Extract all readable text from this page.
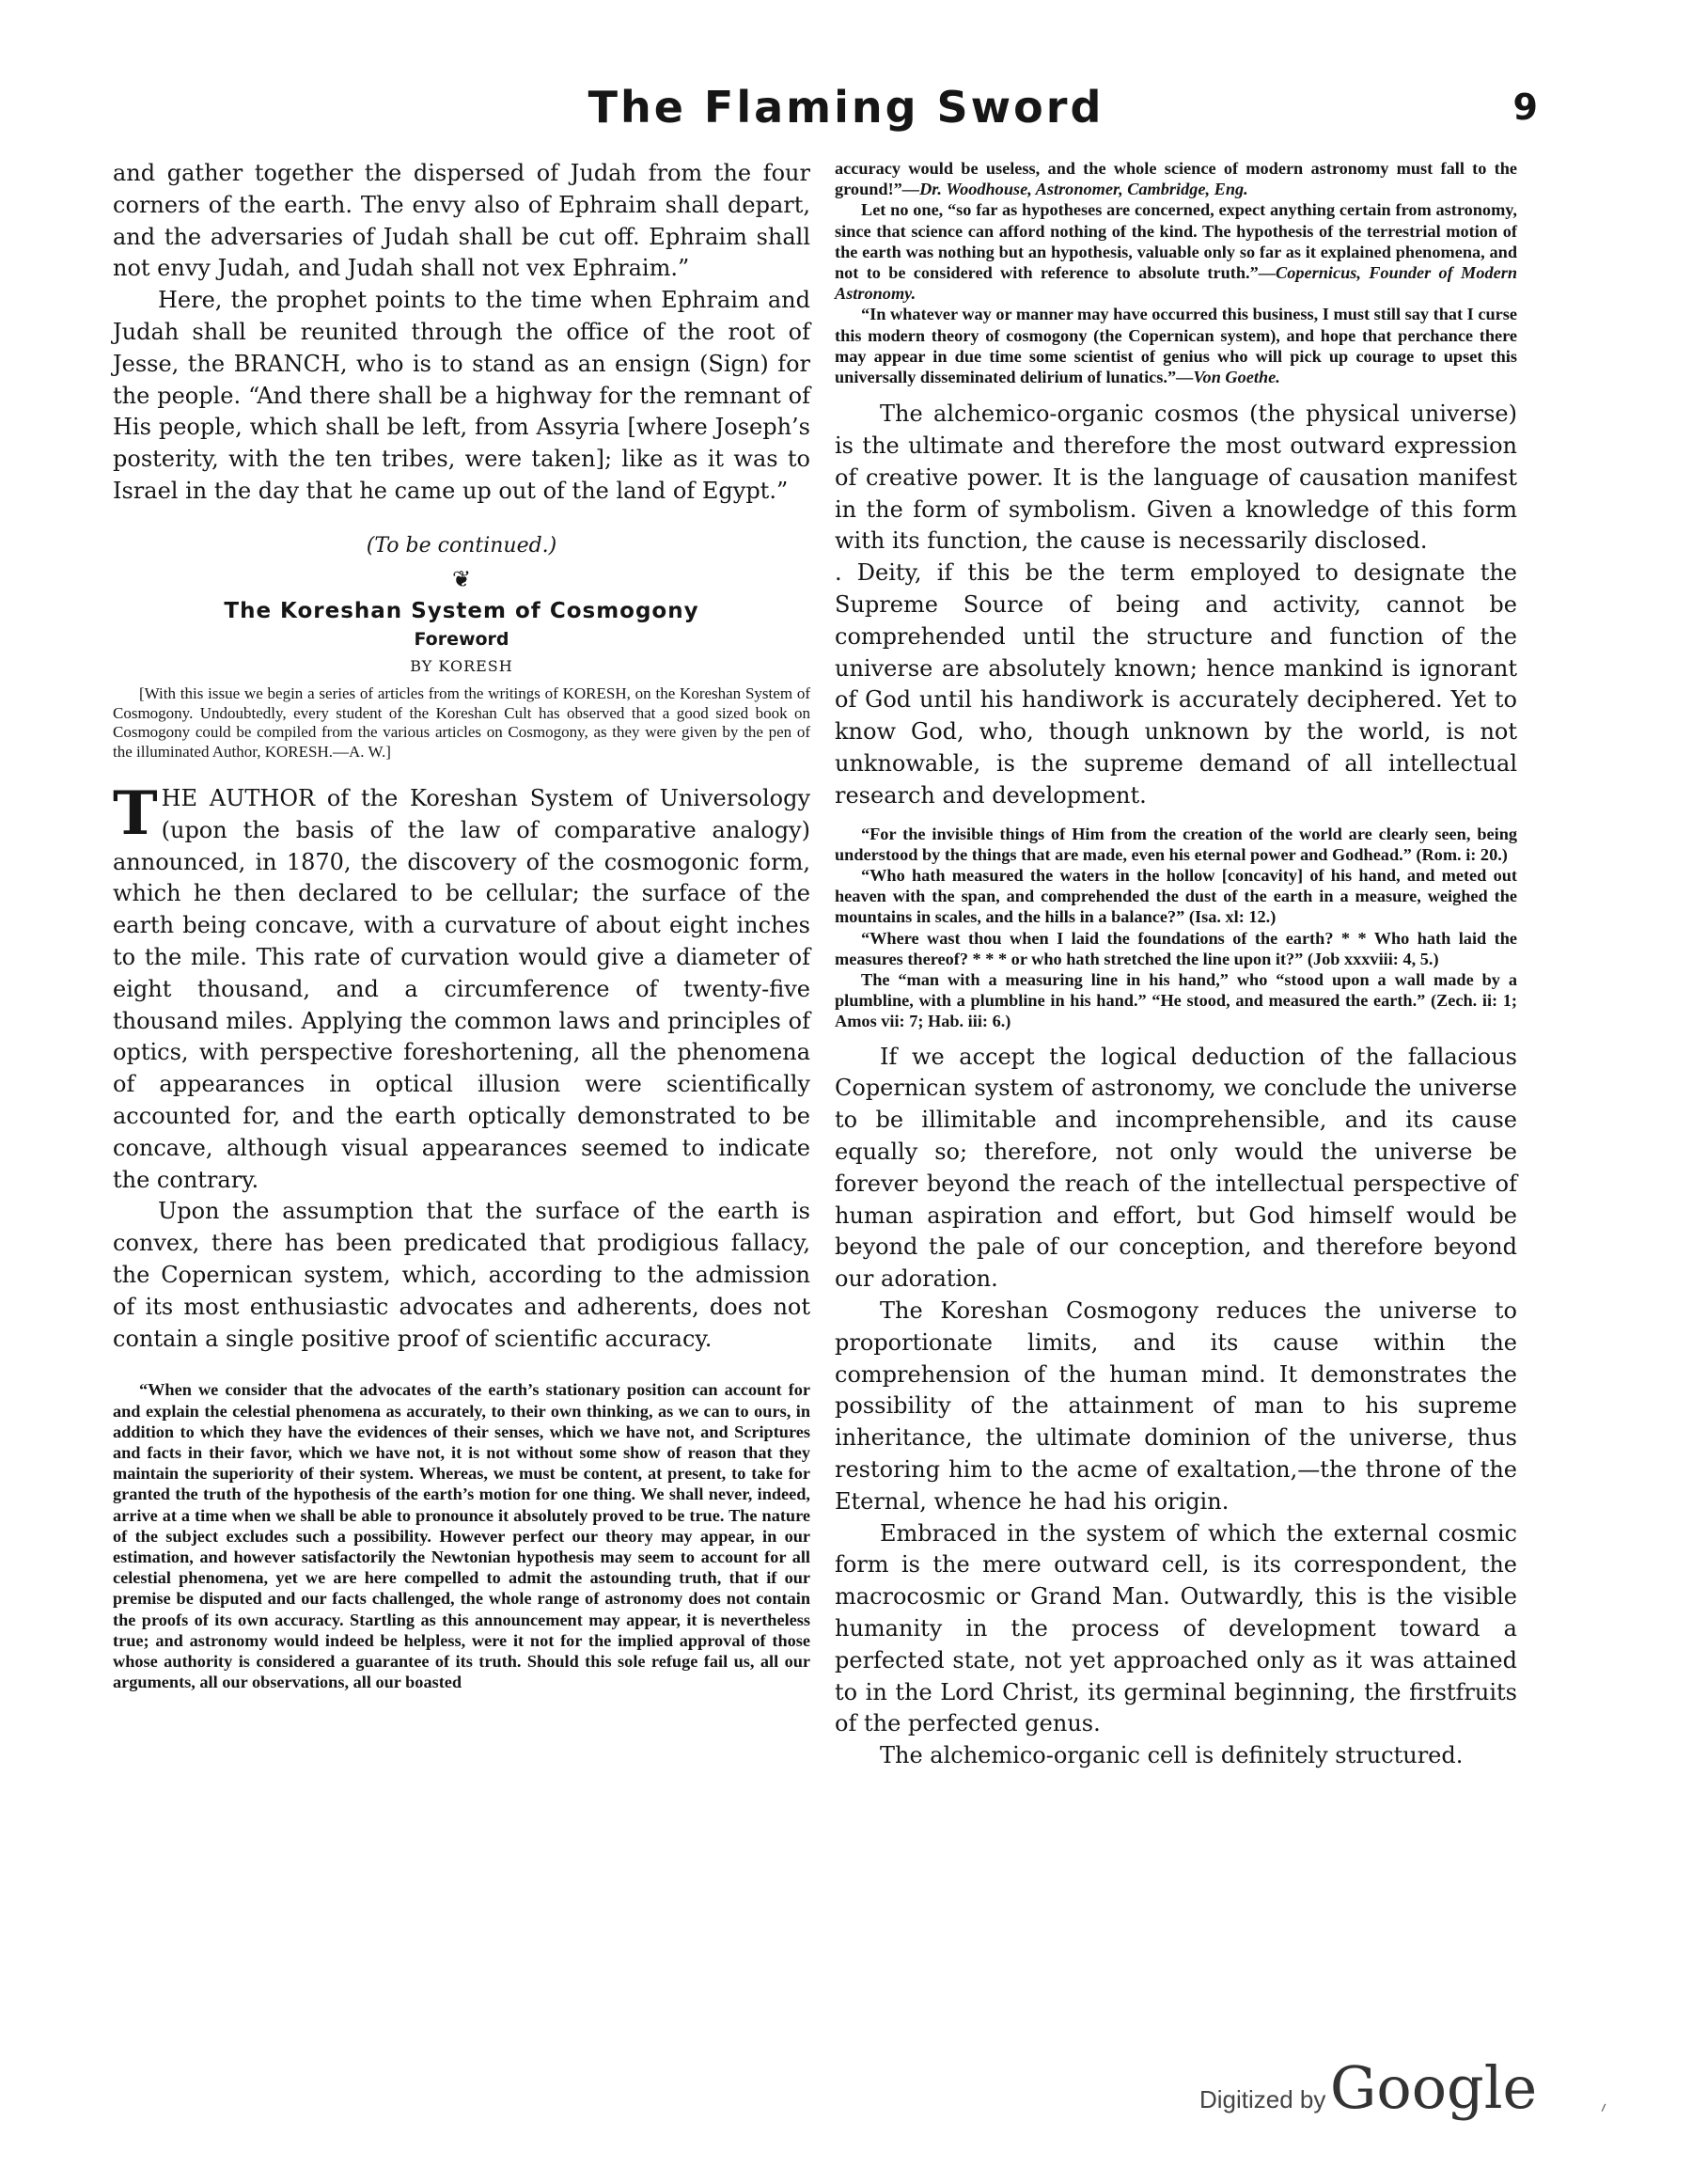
The Flaming Sword	9

and gather together the dispersed of Judah from the four corners of the earth. The envy also of Ephraim shall depart, and the adversaries of Judah shall be cut off. Ephraim shall not envy Judah, and Judah shall not vex Ephraim.”

Here, the prophet points to the time when Ephraim and Judah shall be reunited through the office of the root of Jesse, the BRANCH, who is to stand as an ensign (Sign) for the people. “And there shall be a highway for the remnant of His people, which shall be left, from Assyria [where Joseph’s posterity, with the ten tribes, were taken]; like as it was to Israel in the day that he came up out of the land of Egypt.”

(To be continued.)

❦

The Koreshan System of Cosmogony

Foreword

BY KORESH

[With this issue we begin a series of articles from the writings of KORESH, on the Koreshan System of Cosmogony. Undoubtedly, every student of the Koreshan Cult has observed that a good sized book on Cosmogony could be compiled from the various articles on Cosmogony, as they were given by the pen of the illuminated Author, KORESH.—A. W.]

THE AUTHOR of the Koreshan System of Universology (upon the basis of the law of comparative analogy) announced, in 1870, the discovery of the cosmogonic form, which he then declared to be cellular; the surface of the earth being concave, with a curvature of about eight inches to the mile. This rate of curvation would give a diameter of eight thousand, and a circumference of twenty-five thousand miles. Applying the common laws and principles of optics, with perspective foreshortening, all the phenomena of appearances in optical illusion were scientifically accounted for, and the earth optically demonstrated to be concave, although visual appearances seemed to indicate the contrary.

Upon the assumption that the surface of the earth is convex, there has been predicated that prodigious fallacy, the Copernican system, which, according to the admission of its most enthusiastic advocates and adherents, does not contain a single positive proof of scientific accuracy.

“When we consider that the advocates of the earth’s stationary position can account for and explain the celestial phenomena as accurately, to their own thinking, as we can to ours, in addition to which they have the evidences of their senses, which we have not, and Scriptures and facts in their favor, which we have not, it is not without some show of reason that they maintain the superiority of their system. Whereas, we must be content, at present, to take for granted the truth of the hypothesis of the earth’s motion for one thing. We shall never, indeed, arrive at a time when we shall be able to pronounce it absolutely proved to be true. The nature of the subject excludes such a possibility. However perfect our theory may appear, in our estimation, and however satisfactorily the Newtonian hypothesis may seem to account for all celestial phenomena, yet we are here compelled to admit the astounding truth, that if our premise be disputed and our facts challenged, the whole range of astronomy does not contain the proofs of its own accuracy. Startling as this announcement may appear, it is nevertheless true; and astronomy would indeed be helpless, were it not for the implied approval of those whose authority is considered a guarantee of its truth. Should this sole refuge fail us, all our arguments, all our observations, all our boasted

accuracy would be useless, and the whole science of modern astronomy must fall to the ground!”—Dr. Woodhouse, Astronomer, Cambridge, Eng.

Let no one, “so far as hypotheses are concerned, expect anything certain from astronomy, since that science can afford nothing of the kind. The hypothesis of the terrestrial motion of the earth was nothing but an hypothesis, valuable only so far as it explained phenomena, and not to be considered with reference to absolute truth.”—Copernicus, Founder of Modern Astronomy.

“In whatever way or manner may have occurred this business, I must still say that I curse this modern theory of cosmogony (the Copernican system), and hope that perchance there may appear in due time some scientist of genius who will pick up courage to upset this universally disseminated delirium of lunatics.”—Von Goethe.

The alchemico-organic cosmos (the physical universe) is the ultimate and therefore the most outward expression of creative power. It is the language of causation manifest in the form of symbolism. Given a knowledge of this form with its function, the cause is necessarily disclosed.

. Deity, if this be the term employed to designate the Supreme Source of being and activity, cannot be comprehended until the structure and function of the universe are absolutely known; hence mankind is ignorant of God until his handiwork is accurately deciphered. Yet to know God, who, though unknown by the world, is not unknowable, is the supreme demand of all intellectual research and development.

“For the invisible things of Him from the creation of the world are clearly seen, being understood by the things that are made, even his eternal power and Godhead.” (Rom. i: 20.)

“Who hath measured the waters in the hollow [concavity] of his hand, and meted out heaven with the span, and comprehended the dust of the earth in a measure, weighed the mountains in scales, and the hills in a balance?” (Isa. xl: 12.)

“Where wast thou when I laid the foundations of the earth? * * Who hath laid the measures thereof? * * * or who hath stretched the line upon it?” (Job xxxviii: 4, 5.)

The “man with a measuring line in his hand,” who “stood upon a wall made by a plumbline, with a plumbline in his hand.” “He stood, and measured the earth.” (Zech. ii: 1; Amos vii: 7; Hab. iii: 6.)

If we accept the logical deduction of the fallacious Copernican system of astronomy, we conclude the universe to be illimitable and incomprehensible, and its cause equally so; therefore, not only would the universe be forever beyond the reach of the intellectual perspective of human aspiration and effort, but God himself would be beyond the pale of our conception, and therefore beyond our adoration.

The Koreshan Cosmogony reduces the universe to proportionate limits, and its cause within the comprehension of the human mind. It demonstrates the possibility of the attainment of man to his supreme inheritance, the ultimate dominion of the universe, thus restoring him to the acme of exaltation,—the throne of the Eternal, whence he had his origin.

Embraced in the system of which the external cosmic form is the mere outward cell, is its correspondent, the macrocosmic or Grand Man. Outwardly, this is the visible humanity in the process of development toward a perfected state, not yet approached only as it was attained to in the Lord Christ, its germinal beginning, the firstfruits of the perfected genus.

The alchemico-organic cell is definitely structured.

Digitized by Google	⸝
